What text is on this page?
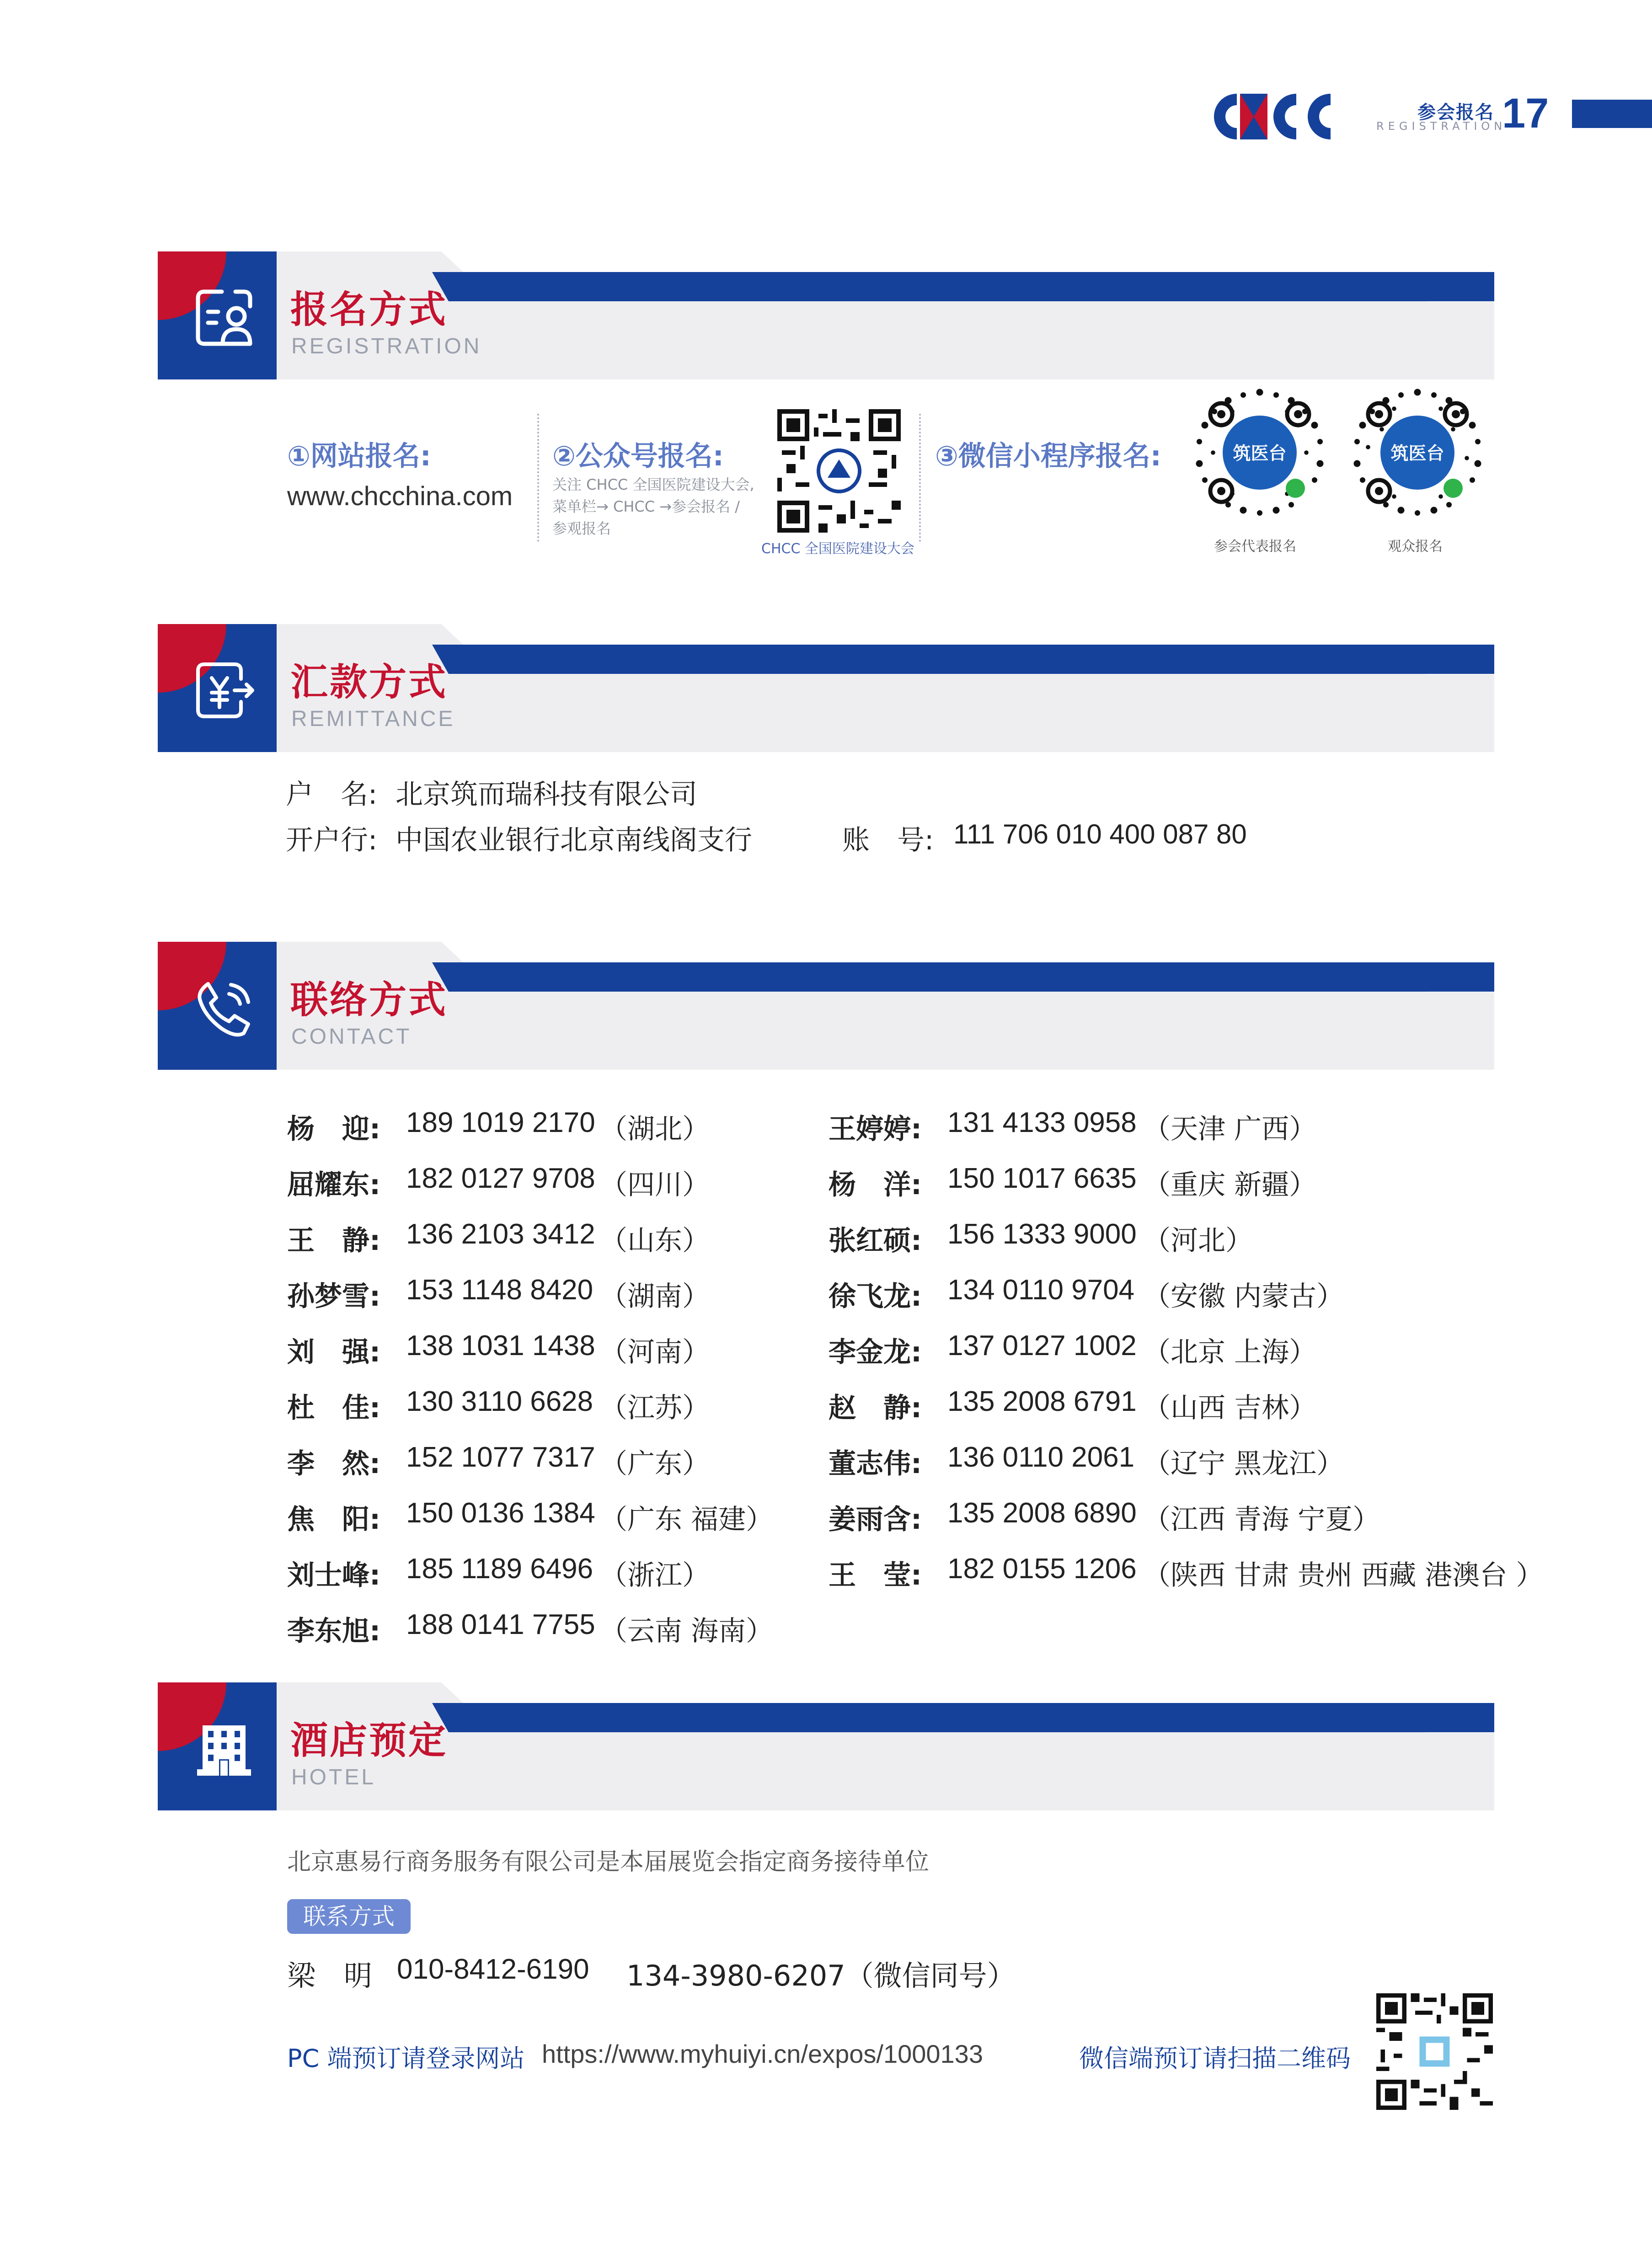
参会报名
REGISTRATION
17
报名方式
REGISTRATION
①网站报名:
www.chcchina.com
②公众号报名:
关注 CHCC 全国医院建设大会,
菜单栏→ CHCC →参会报名 /
参观报名
CHCC 全国医院建设大会
③微信小程序报名:	筑医台
参会代表报名
筑医台
观众报名
汇款方式
REMITTANCE
户　名: 北京筑而瑞科技有限公司
开户行: 中国农业银行北京南线阁支行	账　号: 111 706 010 400 087 80
联络方式
CONTACT
杨　迎: 189 1019 2170 （湖北）
屈耀东: 182 0127 9708 （四川）
王　静: 136 2103 3412 （山东）
孙梦雪: 153 1148 8420 （湖南）
刘　强: 138 1031 1438 （河南）
杜　佳: 130 3110 6628 （江苏）
李　然: 152 1077 7317 （广东）
焦　阳: 150 0136 1384 （广东 福建）
刘士峰: 185 1189 6496 （浙江）
李东旭: 188 0141 7755 （云南 海南）
王婷婷: 131 4133 0958 （天津 广西）
杨　洋: 150 1017 6635 （重庆 新疆）
张红硕: 156 1333 9000 （河北）
徐飞龙: 134 0110 9704 （安徽 内蒙古）
李金龙: 137 0127 1002 （北京 上海）
赵　静: 135 2008 6791 （山西 吉林）
董志伟: 136 0110 2061 （辽宁 黑龙江）
姜雨含: 135 2008 6890 （江西 青海 宁夏）
王　莹: 182 0155 1206 （陕西 甘肃 贵州 西藏 港澳台 ）
酒店预定
HOTEL
北京惠易行商务服务有限公司是本届展览会指定商务接待单位
联系方式
梁　明 010-8412-6190 134-3980-6207（微信同号）
PC 端预订请登录网站 https://www.myhuiyi.cn/expos/1000133	微信端预订请扫描二维码
